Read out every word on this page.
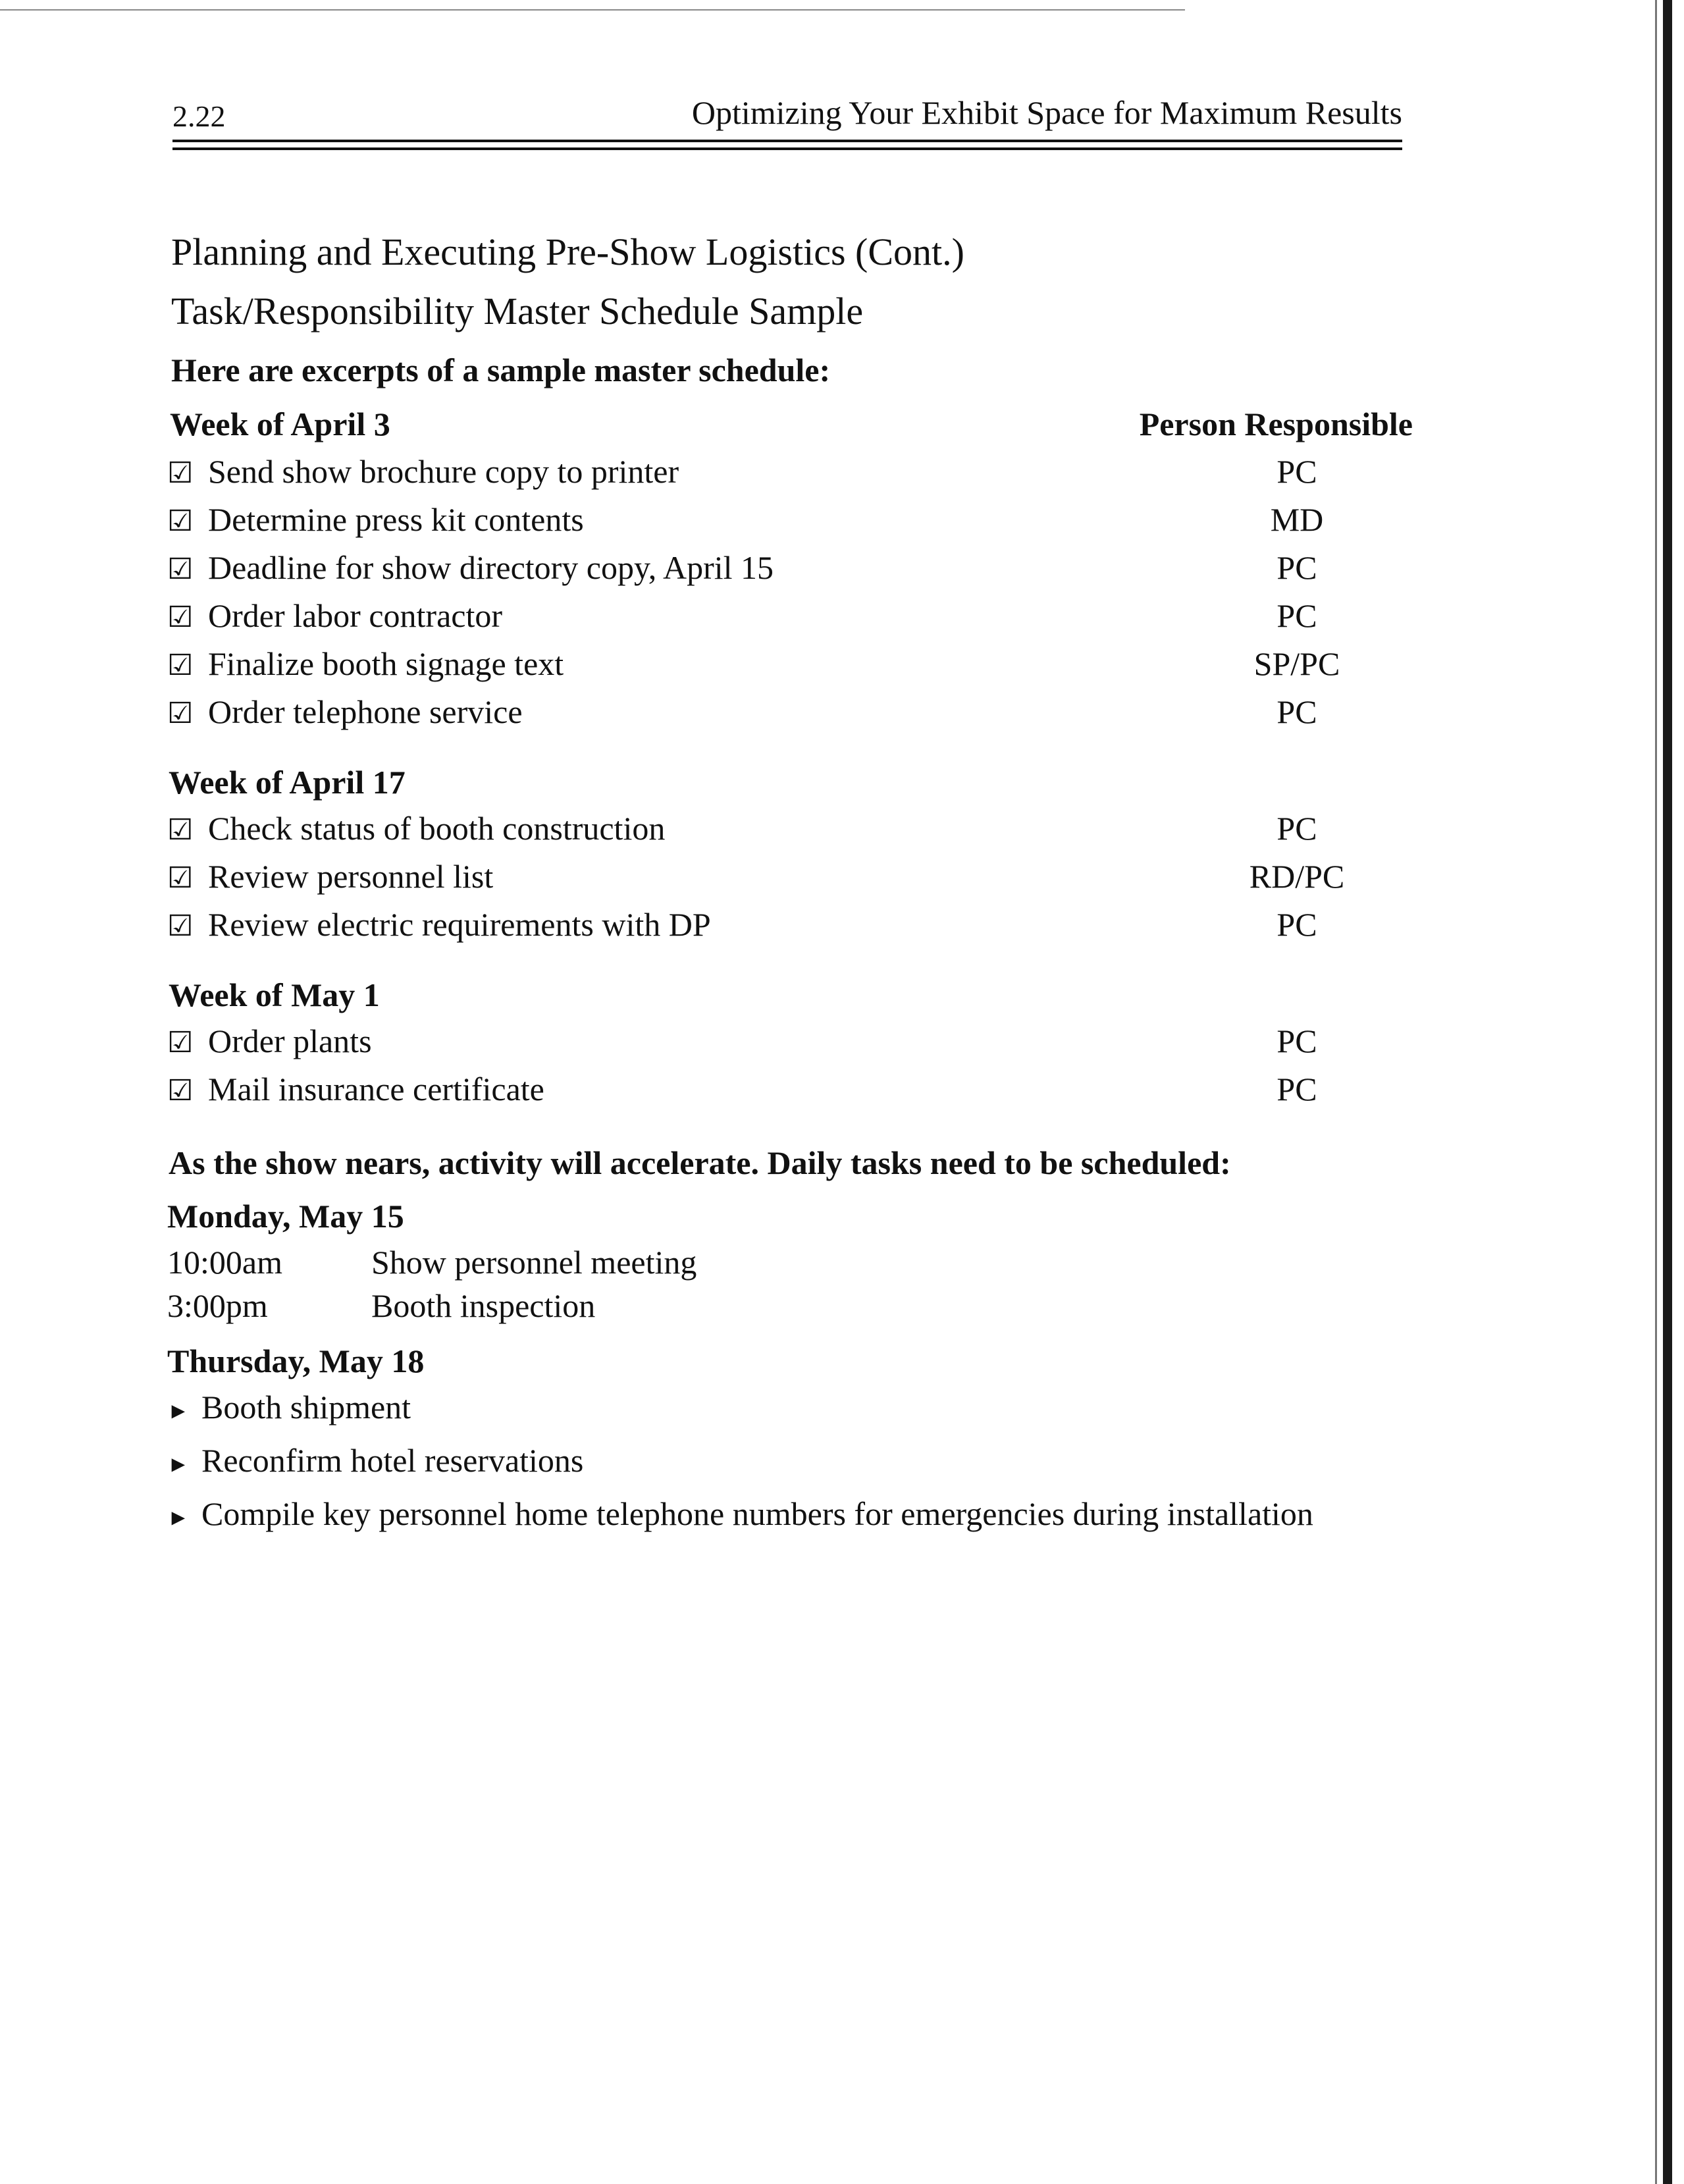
2.22	Optimizing Your Exhibit Space for Maximum Results
Planning and Executing Pre-Show Logistics (Cont.)
Task/Responsibility Master Schedule Sample
Here are excerpts of a sample master schedule:
Week of April 3	Person Responsible
☑ Send show brochure copy to printer	PC
☑ Determine press kit contents	MD
☑ Deadline for show directory copy, April 15	PC
☑ Order labor contractor	PC
☑ Finalize booth signage text	SP/PC
☑ Order telephone service	PC
Week of April 17
☑ Check status of booth construction	PC
☑ Review personnel list	RD/PC
☑ Review electric requirements with DP	PC
Week of May 1
☑ Order plants	PC
☑ Mail insurance certificate	PC
As the show nears, activity will accelerate. Daily tasks need to be scheduled:
Monday, May 15
10:00am	Show personnel meeting
3:00pm	Booth inspection
Thursday, May 18
► Booth shipment
► Reconfirm hotel reservations
► Compile key personnel home telephone numbers for emergencies during installation
